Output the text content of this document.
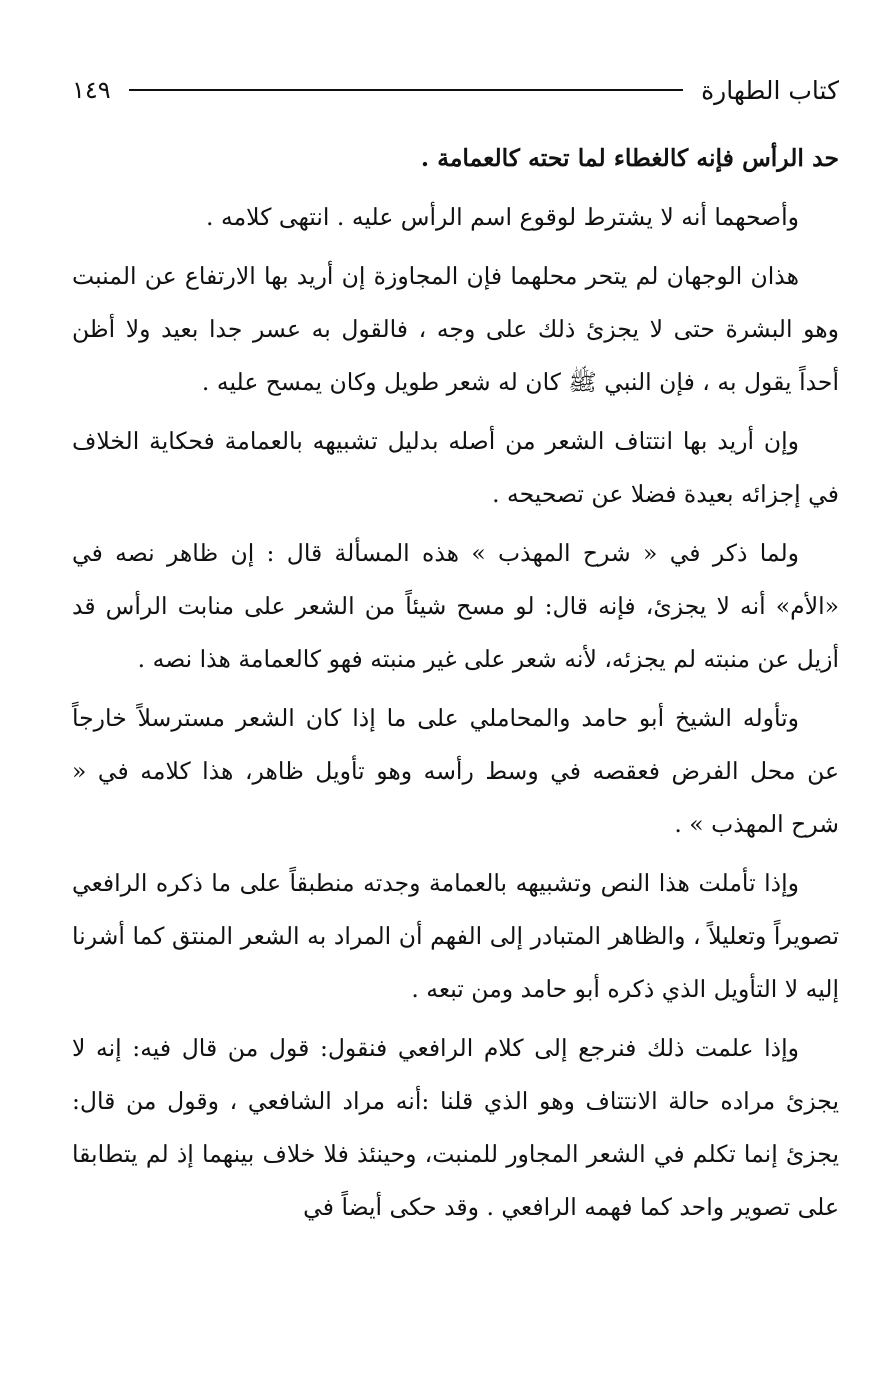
كتاب الطهارة
١٤٩

حد الرأس فإنه كالغطاء لما تحته كالعمامة .

وأصحهما أنه لا يشترط لوقوع اسم الرأس عليه . انتهى كلامه .

هذان الوجهان لم يتحر محلهما فإن المجاوزة إن أريد بها الارتفاع عن المنبت وهو البشرة حتى لا يجزئ ذلك على وجه ، فالقول به عسر جدا بعيد ولا أظن أحداً يقول به ، فإن النبي ﷺ كان له شعر طويل وكان يمسح عليه .

وإن أريد بها انتتاف الشعر من أصله بدليل تشبيهه بالعمامة فحكاية الخلاف في إجزائه بعيدة فضلا عن تصحيحه .

ولما ذكر في « شرح المهذب » هذه المسألة قال : إن ظاهر نصه في «الأم» أنه لا يجزئ، فإنه قال: لو مسح شيئاً من الشعر على منابت الرأس قد أزيل عن منبته لم يجزئه، لأنه شعر على غير منبته فهو كالعمامة هذا نصه .

وتأوله الشيخ أبو حامد والمحاملي على ما إذا كان الشعر مسترسلاً خارجاً عن محل الفرض فعقصه في وسط رأسه وهو تأويل ظاهر، هذا كلامه في « شرح المهذب » .

وإذا تأملت هذا النص وتشبيهه بالعمامة وجدته منطبقاً على ما ذكره الرافعي تصويراً وتعليلاً ، والظاهر المتبادر إلى الفهم أن المراد به الشعر المنتق كما أشرنا إليه لا التأويل الذي ذكره أبو حامد ومن تبعه .

وإذا علمت ذلك فنرجع إلى كلام الرافعي فنقول: قول من قال فيه: إنه لا يجزئ مراده حالة الانتتاف وهو الذي قلنا :أنه مراد الشافعي ، وقول من قال: يجزئ إنما تكلم في الشعر المجاور للمنبت، وحينئذ فلا خلاف بينهما إذ لم يتطابقا على تصوير واحد كما فهمه الرافعي . وقد حكى أيضاً في
